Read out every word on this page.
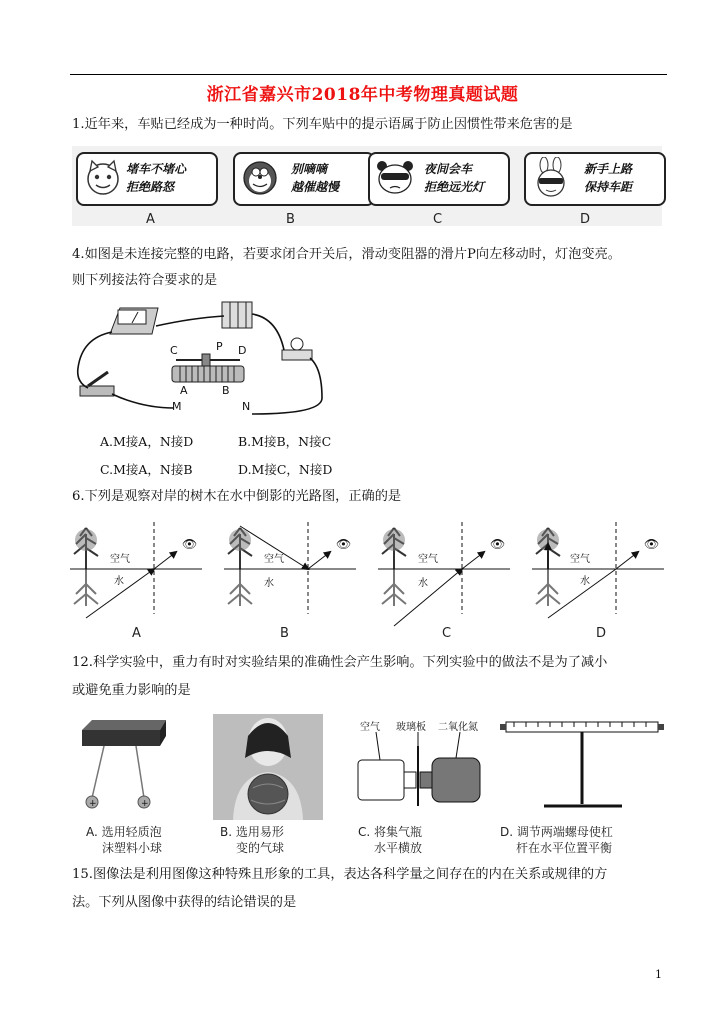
浙江省嘉兴市2018年中考物理真题试题
1.近年来，车贴已经成为一种时尚。下列车贴中的提示语属于防止因惯性带来危害的是
堵车不堵心
拒绝路怒
别嘀嘀
越催越慢
夜间会车
拒绝远光灯
新手上路
保持车距
A	B	C	D
4.如图是未连接完整的电路，若要求闭合开关后，滑动变阻器的滑片P向左移动时，灯泡变亮。
则下列接法符合要求的是
C	P D
A	B
M	N
A.M接A，N接D	B.M接B，N接C
C.M接A，N接B	D.M接C，N接D
6.下列是观察对岸的树木在水中倒影的光路图，正确的是
👁	👁	👁	👁
空气
水
空气
水
空气
水
空气
水
A	B	C	D
12.科学实验中，重力有时对实验结果的准确性会产生影响。下列实验中的做法不是为了减小
或避免重力影响的是
+	+
空气 玻璃板 二氧化氮
A. 选用轻质泡
沫塑料小球
B. 选用易形
变的气球
C. 将集气瓶
水平横放
D. 调节两端螺母使杠
杆在水平位置平衡
15.图像法是利用图像这种特殊且形象的工具，表达各科学量之间存在的内在关系或规律的方
法。下列从图像中获得的结论错误的是
1
